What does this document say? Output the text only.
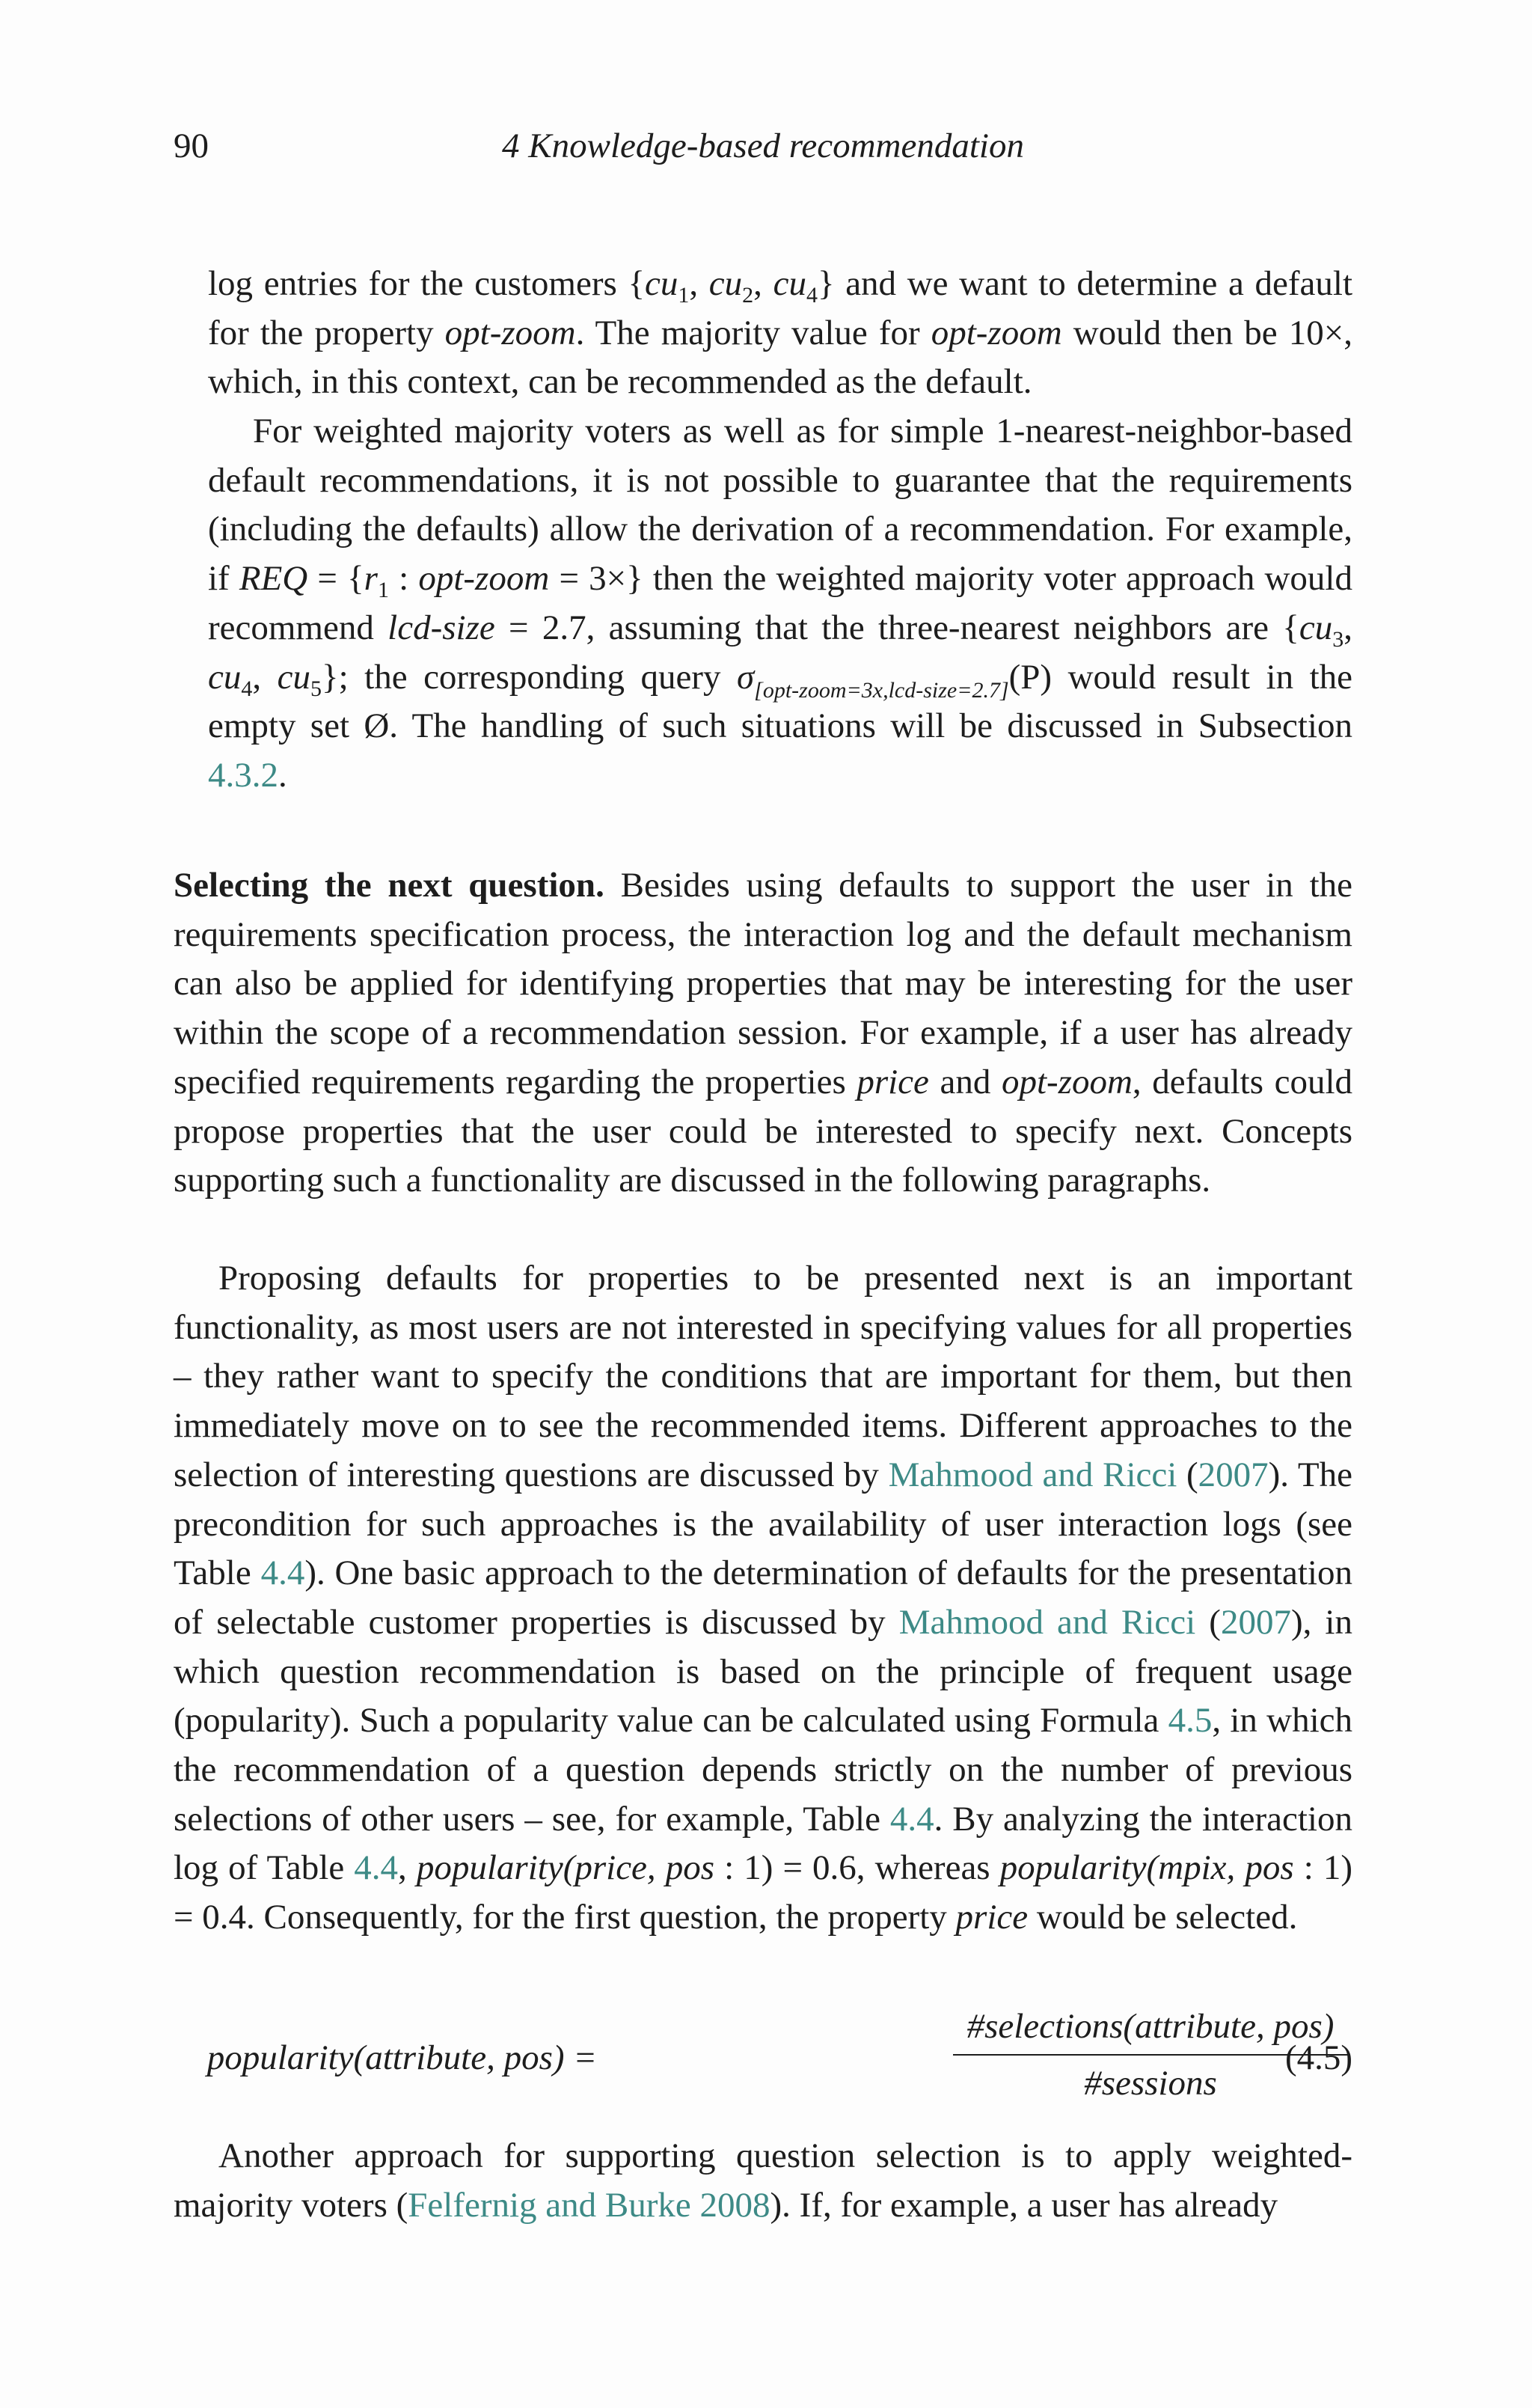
90	4 Knowledge-based recommendation

log entries for the customers {$cu_1$, $cu_2$, $cu_4$} and we want to determine a default for the property opt-zoom. The majority value for opt-zoom would then be 10×, which, in this context, can be recommended as the default.

For weighted majority voters as well as for simple 1-nearest-neighbor-based default recommendations, it is not possible to guarantee that the requirements (including the defaults) allow the derivation of a recommendation. For example, if REQ = {$r_1$ : opt-zoom = 3×} then the weighted majority voter approach would recommend lcd-size = 2.7, assuming that the three-nearest neighbors are {$cu_3$, $cu_4$, $cu_5$}; the corresponding query $\sigma_{[opt-zoom=3x,lcd-size=2.7]}(P)$ would result in the empty set Ø. The handling of such situations will be discussed in Subsection 4.3.2.

Selecting the next question. Besides using defaults to support the user in the requirements specification process, the interaction log and the default mechanism can also be applied for identifying properties that may be interesting for the user within the scope of a recommendation session. For example, if a user has already specified requirements regarding the properties price and opt-zoom, defaults could propose properties that the user could be interested to specify next. Concepts supporting such a functionality are discussed in the following paragraphs.

Proposing defaults for properties to be presented next is an important functionality, as most users are not interested in specifying values for all properties – they rather want to specify the conditions that are important for them, but then immediately move on to see the recommended items. Different approaches to the selection of interesting questions are discussed by Mahmood and Ricci (2007). The precondition for such approaches is the availability of user interaction logs (see Table 4.4). One basic approach to the determination of defaults for the presentation of selectable customer properties is discussed by Mahmood and Ricci (2007), in which question recommendation is based on the principle of frequent usage (popularity). Such a popularity value can be calculated using Formula 4.5, in which the recommendation of a question depends strictly on the number of previous selections of other users – see, for example, Table 4.4. By analyzing the interaction log of Table 4.4, popularity(price, pos : 1) = 0.6, whereas popularity(mpix, pos : 1) = 0.4. Consequently, for the first question, the property price would be selected.

popularity(attribute, pos) =
#selections(attribute, pos)
#sessions
(4.5)

Another approach for supporting question selection is to apply weighted-majority voters (Felfernig and Burke 2008). If, for example, a user has already
